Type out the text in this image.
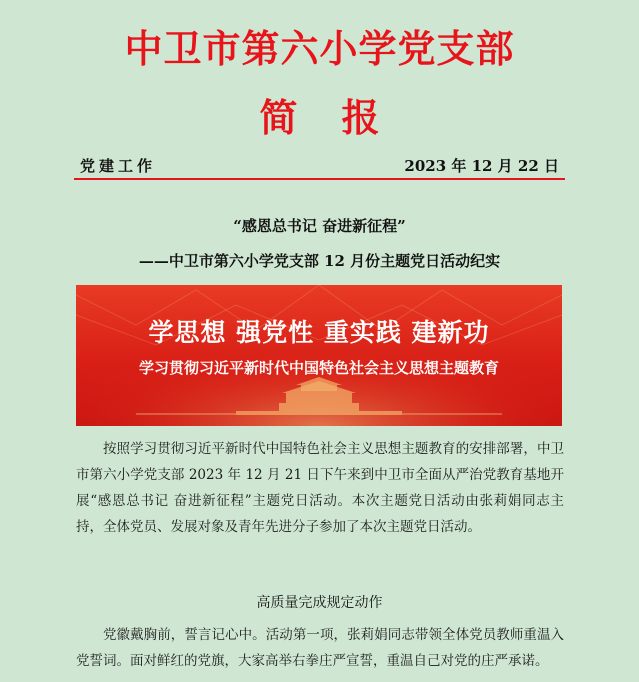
中卫市第六小学党支部
简 报
党建工作	2023 年 12 月 22 日
“感恩总书记 奋进新征程”
——中卫市第六小学党支部 12 月份主题党日活动纪实
学思想 强党性 重实践 建新功
学习贯彻习近平新时代中国特色社会主义思想主题教育
按照学习贯彻习近平新时代中国特色社会主义思想主题教育的安排部署，中卫市第六小学党支部 2023 年 12 月 21 日下午来到中卫市全面从严治党教育基地开展“感恩总书记 奋进新征程”主题党日活动。本次主题党日活动由张莉娟同志主持，全体党员、发展对象及青年先进分子参加了本次主题党日活动。
高质量完成规定动作
党徽戴胸前，誓言记心中。活动第一项，张莉娟同志带领全体党员教师重温入党誓词。面对鲜红的党旗，大家高举右拳庄严宣誓，重温自己对党的庄严承诺。
